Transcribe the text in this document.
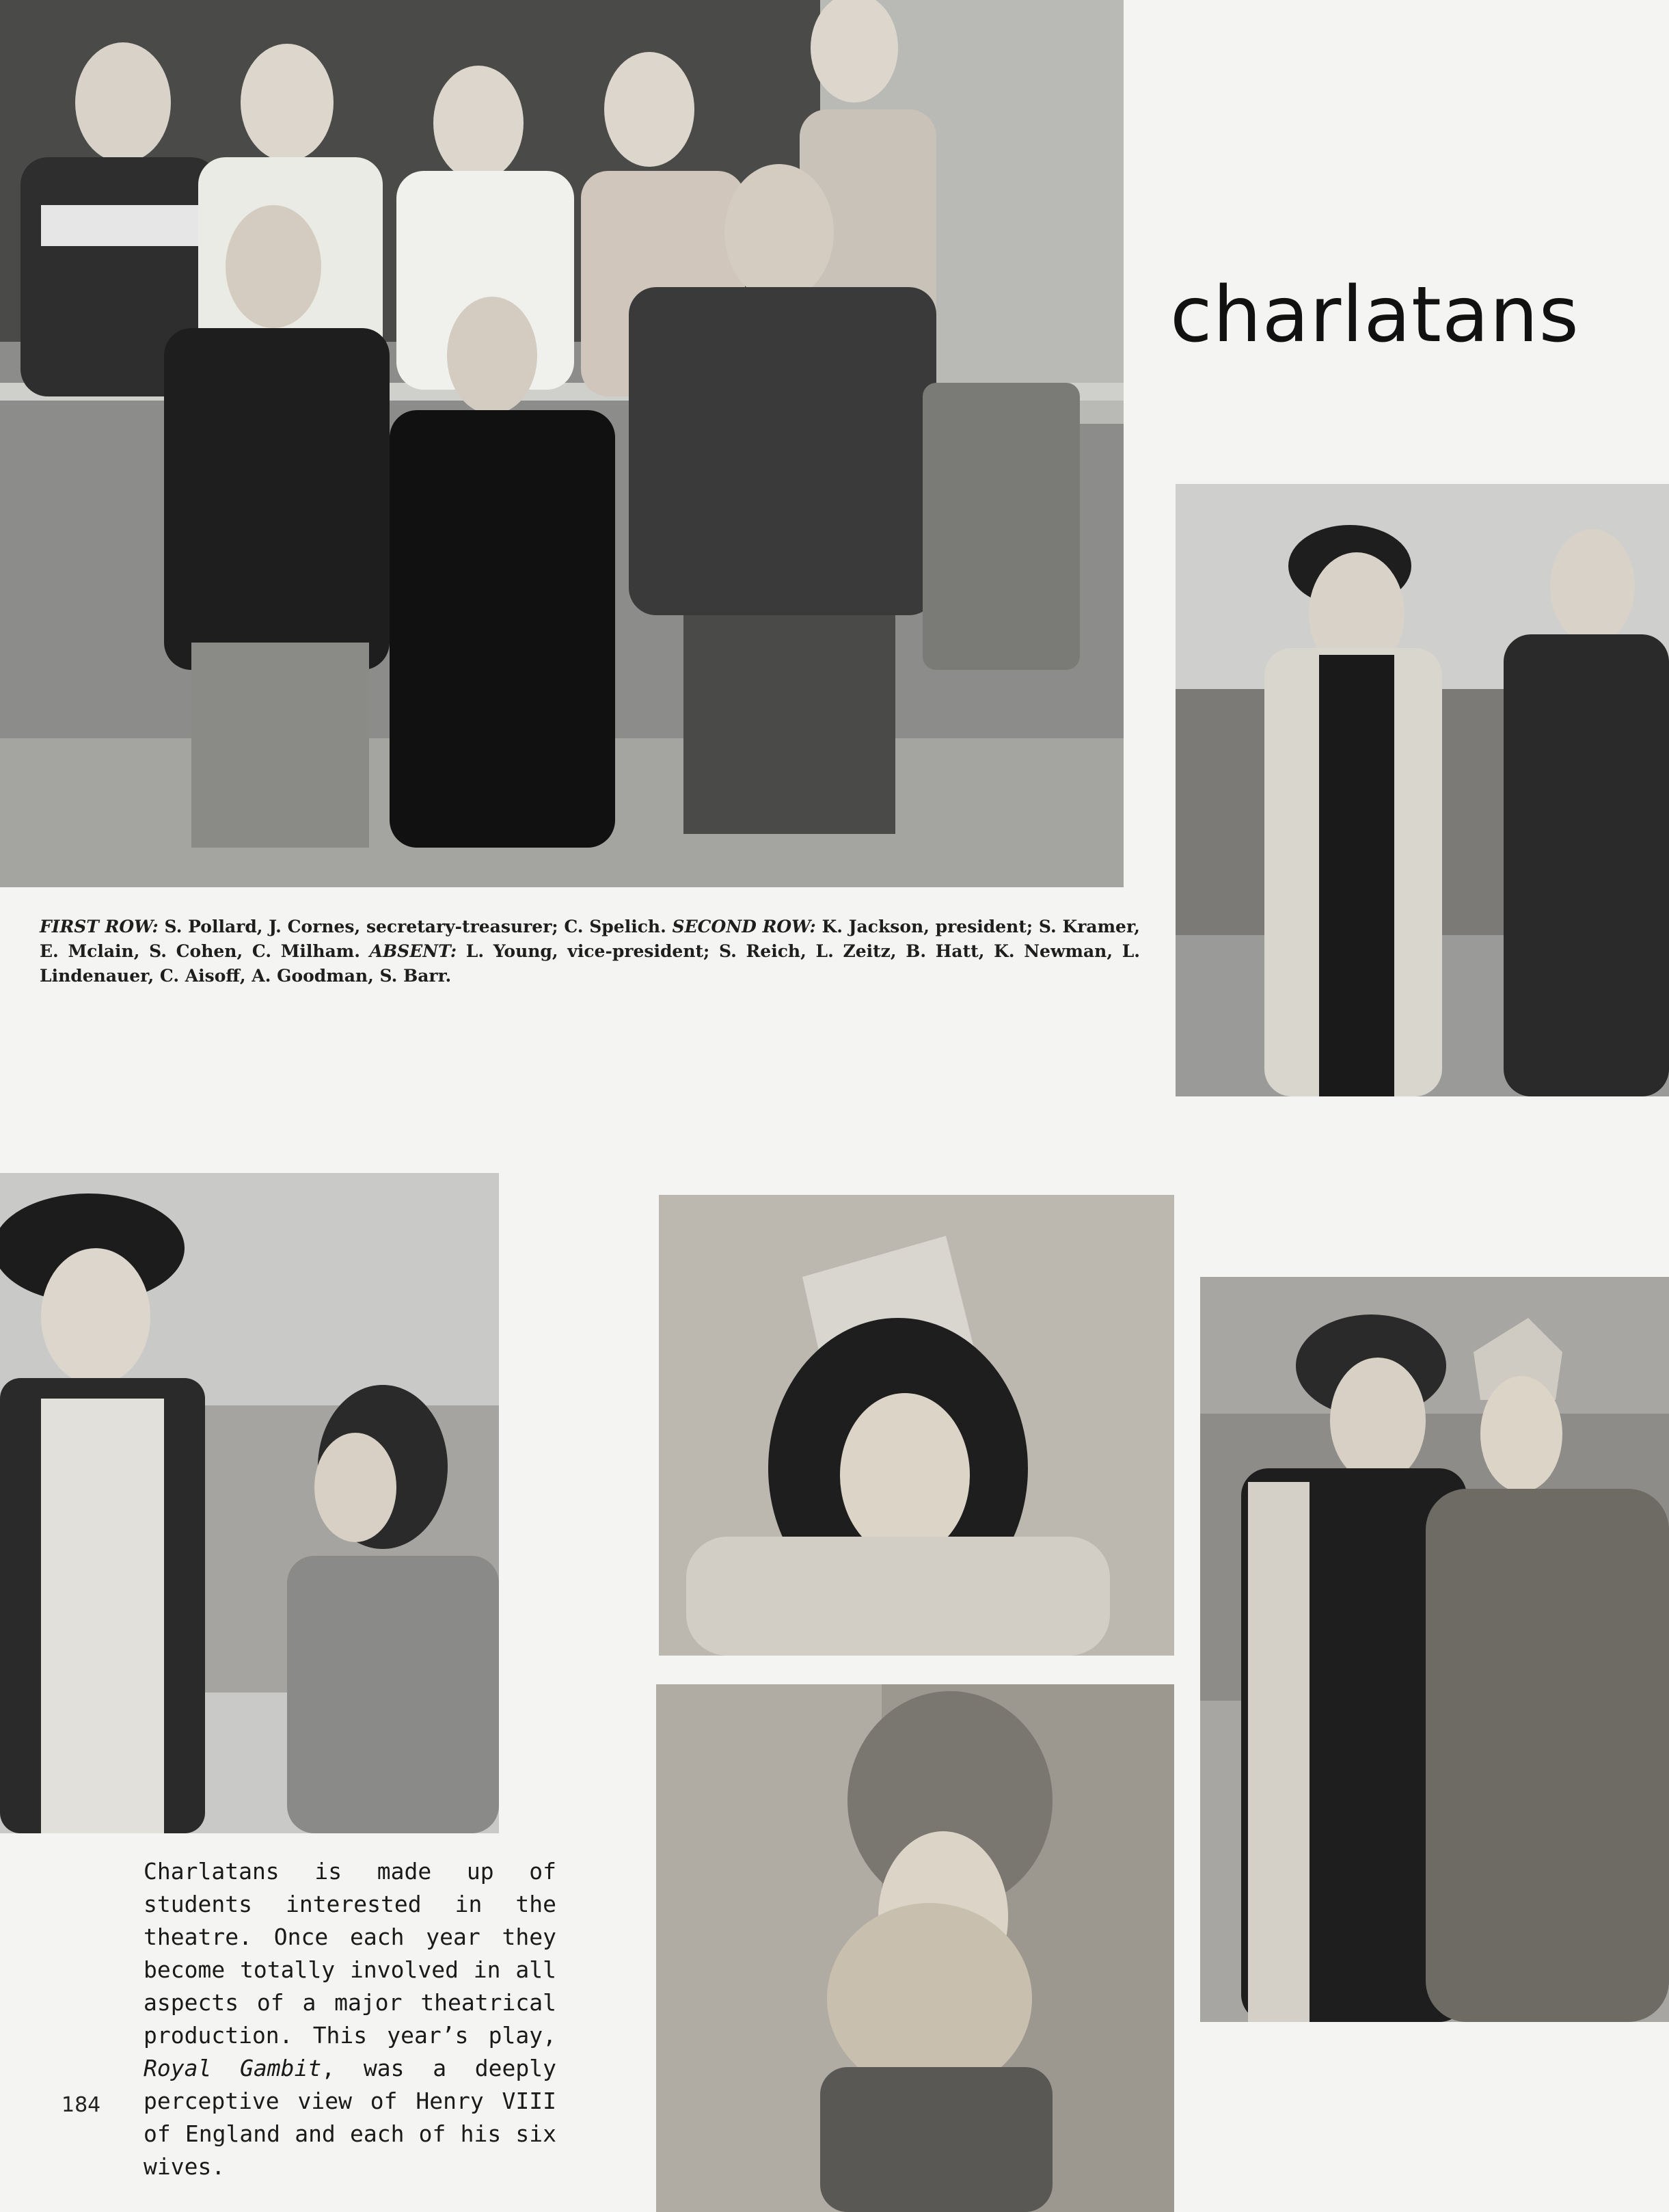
charlatans
FIRST ROW: S. Pollard, J. Cornes, secretary-treasurer; C. Spelich. SECOND ROW: K. Jackson, president; S. Kramer, E. Mclain, S. Cohen, C. Milham. ABSENT: L. Young, vice-president; S. Reich, L. Zeitz, B. Hatt, K. Newman, L. Lindenauer, C. Aisoff, A. Goodman, S. Barr.
Charlatans is made up of students interested in the theatre. Once each year they become totally involved in all aspects of a major theatrical production. This year’s play, Royal Gambit, was a deeply perceptive view of Henry VIII of England and each of his six wives.
184
